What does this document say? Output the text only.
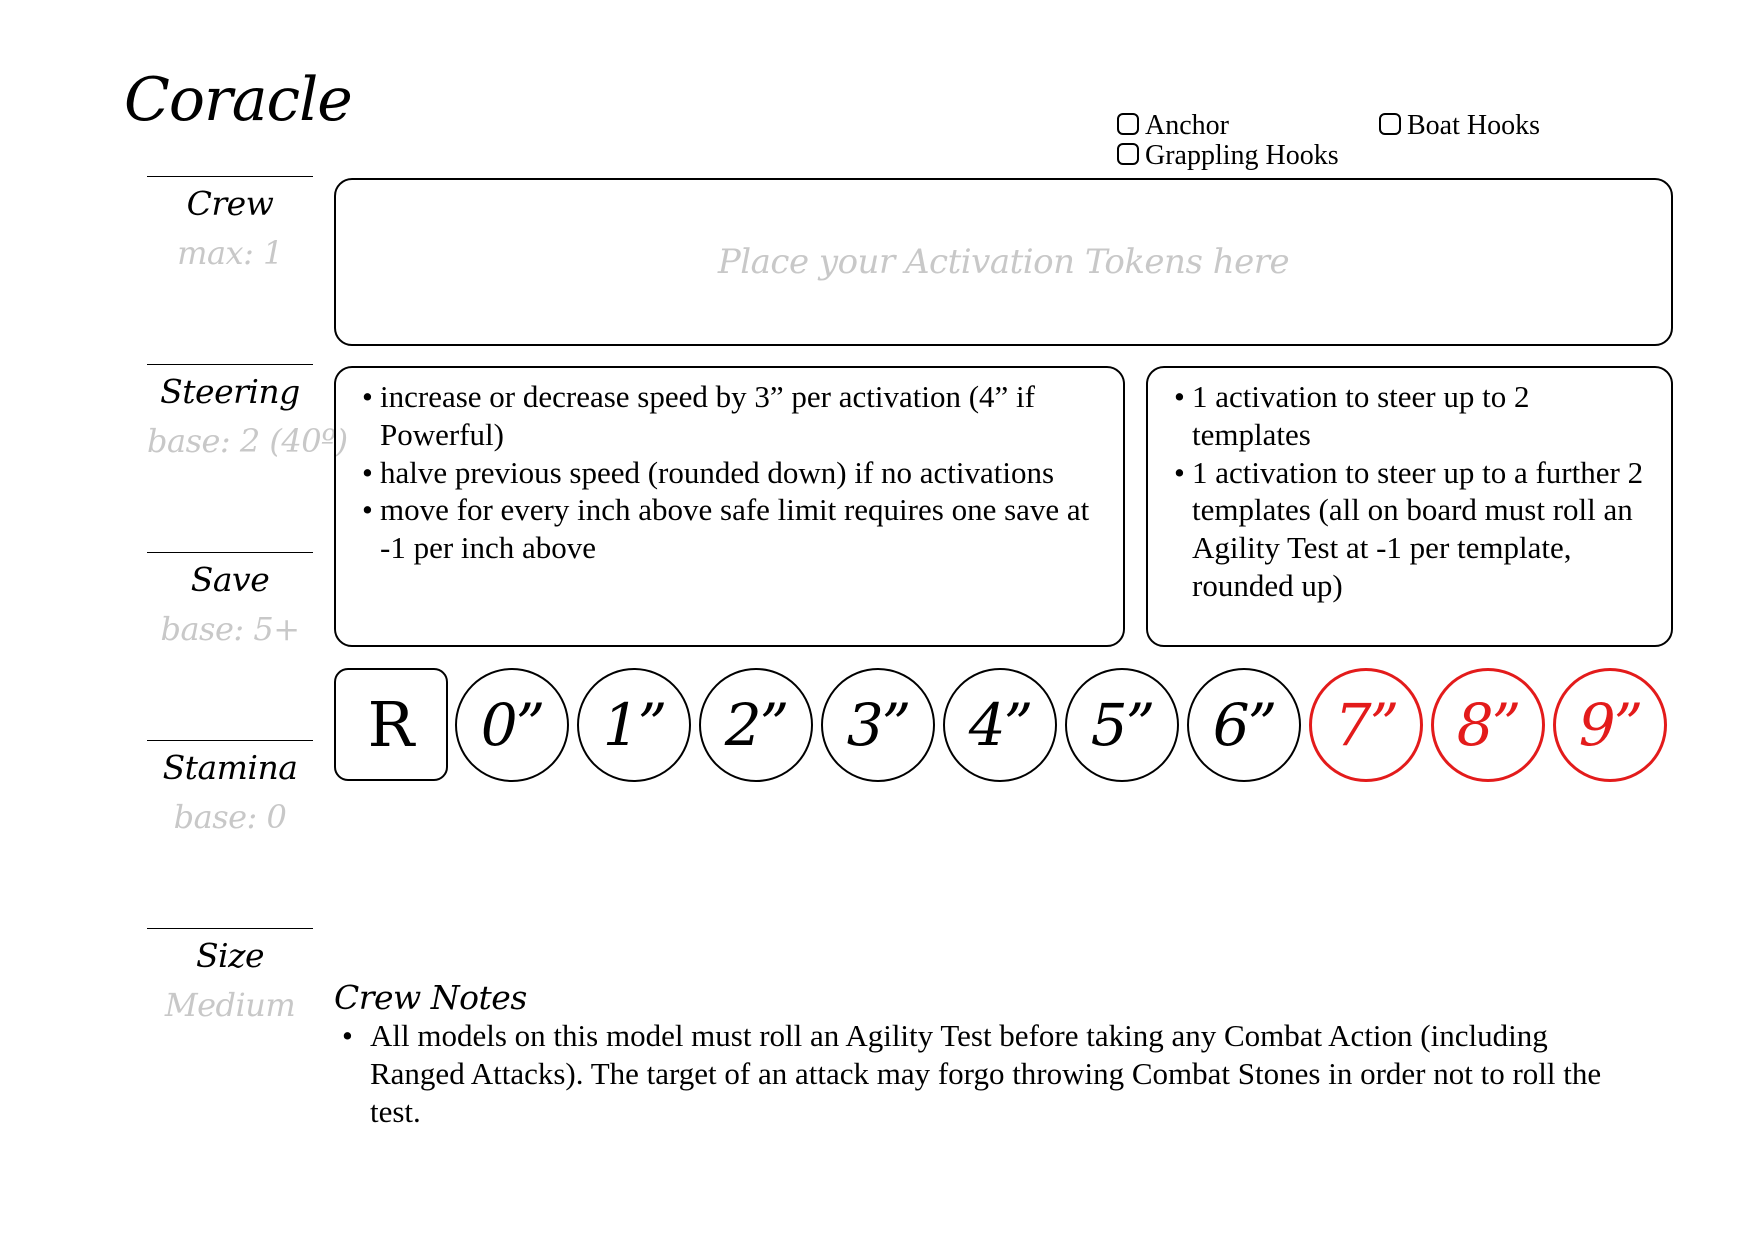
Coracle	Anchor	Boat Hooks
Grappling Hooks
Crew
max: 1
Steering
base: 2 (40º)
Save
base: 5+
Stamina
base: 0
Size
Medium
Place your Activation Tokens here
• increase or decrease speed by 3” per activation (4” if Powerful)
• halve previous speed (rounded down) if no activations
• move for every inch above safe limit requires one save at -1 per inch above
• 1 activation to steer up to 2 templates
• 1 activation to steer up to a further 2 templates (all on board must roll an Agility Test at -1 per template, rounded up)
R	0”	1”	2”	3”	4”	5”	6”	7”	8”	9”
Crew Notes
• All models on this model must roll an Agility Test before taking any Combat Action (including Ranged Attacks). The target of an attack may forgo throwing Combat Stones in order not to roll the test.
